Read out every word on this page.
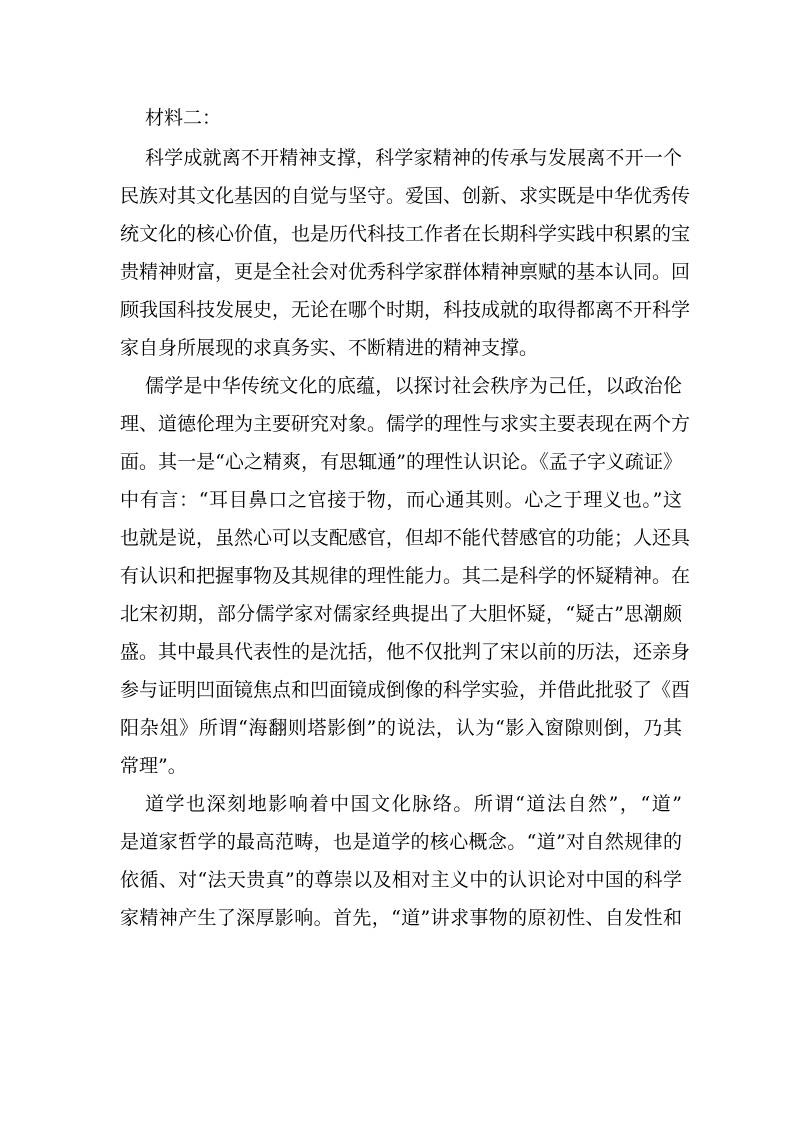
材料二：

科学成就离不开精神支撑，科学家精神的传承与发展离不开一个

民族对其文化基因的自觉与坚守。爱国、创新、求实既是中华优秀传

统文化的核心价值，也是历代科技工作者在长期科学实践中积累的宝

贵精神财富，更是全社会对优秀科学家群体精神禀赋的基本认同。回

顾我国科技发展史，无论在哪个时期，科技成就的取得都离不开科学

家自身所展现的求真务实、不断精进的精神支撑。

儒学是中华传统文化的底蕴，以探讨社会秩序为己任，以政治伦

理、道德伦理为主要研究对象。儒学的理性与求实主要表现在两个方

面。其一是“心之精爽，有思辄通”的理性认识论。《孟子字义疏证》

中有言：“耳目鼻口之官接于物，而心通其则。心之于理义也。”这

也就是说，虽然心可以支配感官，但却不能代替感官的功能；人还具

有认识和把握事物及其规律的理性能力。其二是科学的怀疑精神。在

北宋初期，部分儒学家对儒家经典提出了大胆怀疑，“疑古”思潮颇

盛。其中最具代表性的是沈括，他不仅批判了宋以前的历法，还亲身

参与证明凹面镜焦点和凹面镜成倒像的科学实验，并借此批驳了《酉

阳杂俎》所谓“海翻则塔影倒”的说法，认为“影入窗隙则倒，乃其

常理”。

道学也深刻地影响着中国文化脉络。所谓“道法自然”，“道”

是道家哲学的最高范畴，也是道学的核心概念。“道”对自然规律的

依循、对“法天贵真”的尊崇以及相对主义中的认识论对中国的科学

家精神产生了深厚影响。首先，“道”讲求事物的原初性、自发性和
